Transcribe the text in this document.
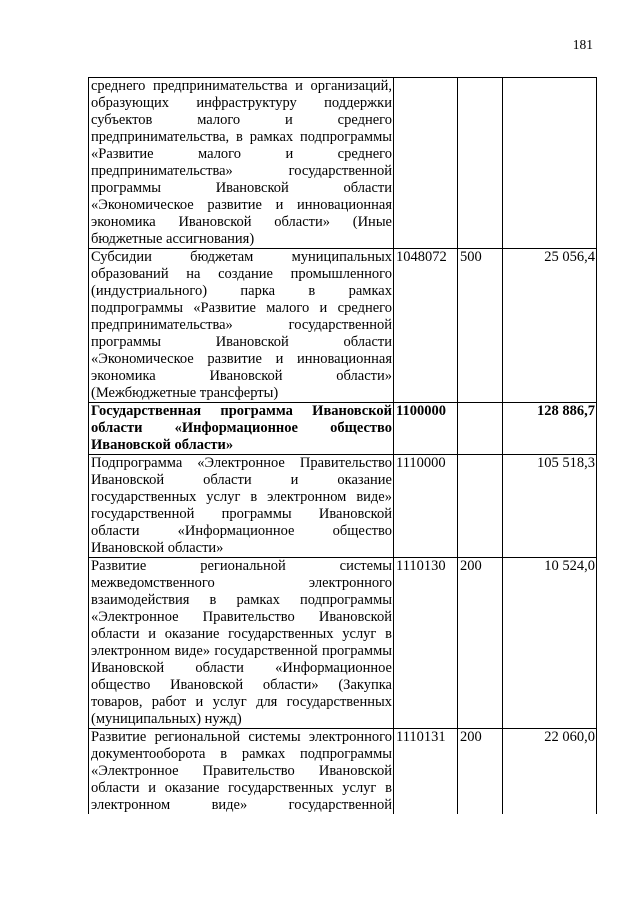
181
среднего предпринимательства и организаций, образующих инфраструктуру поддержки субъектов малого и среднего предпринимательства, в рамках подпрограммы «Развитие малого и среднего предпринимательства» государственной программы Ивановской области «Экономическое развитие и инновационная экономика Ивановской области» (Иные бюджетные ассигнования)			
Субсидии бюджетам муниципальных образований на создание промышленного (индустриального) парка в рамках подпрограммы «Развитие малого и среднего предпринимательства» государственной программы Ивановской области «Экономическое развитие и инновационная экономика Ивановской области» (Межбюджетные трансферты)	1048072	500	25 056,4
Государственная программа Ивановской области «Информационное общество Ивановской области»	1100000		128 886,7
Подпрограмма «Электронное Правительство Ивановской области и оказание государственных услуг в электронном виде» государственной программы Ивановской области «Информационное общество Ивановской области»	1110000		105 518,3
Развитие региональной системы межведомственного электронного взаимодействия в рамках подпрограммы «Электронное Правительство Ивановской области и оказание государственных услуг в электронном виде» государственной программы Ивановской области «Информационное общество Ивановской области» (Закупка товаров, работ и услуг для государственных (муниципальных) нужд)	1110130	200	10 524,0
Развитие региональной системы электронного документооборота в рамках подпрограммы «Электронное Правительство Ивановской области и оказание государственных услуг в электронном виде» государственной	1110131	200	22 060,0
